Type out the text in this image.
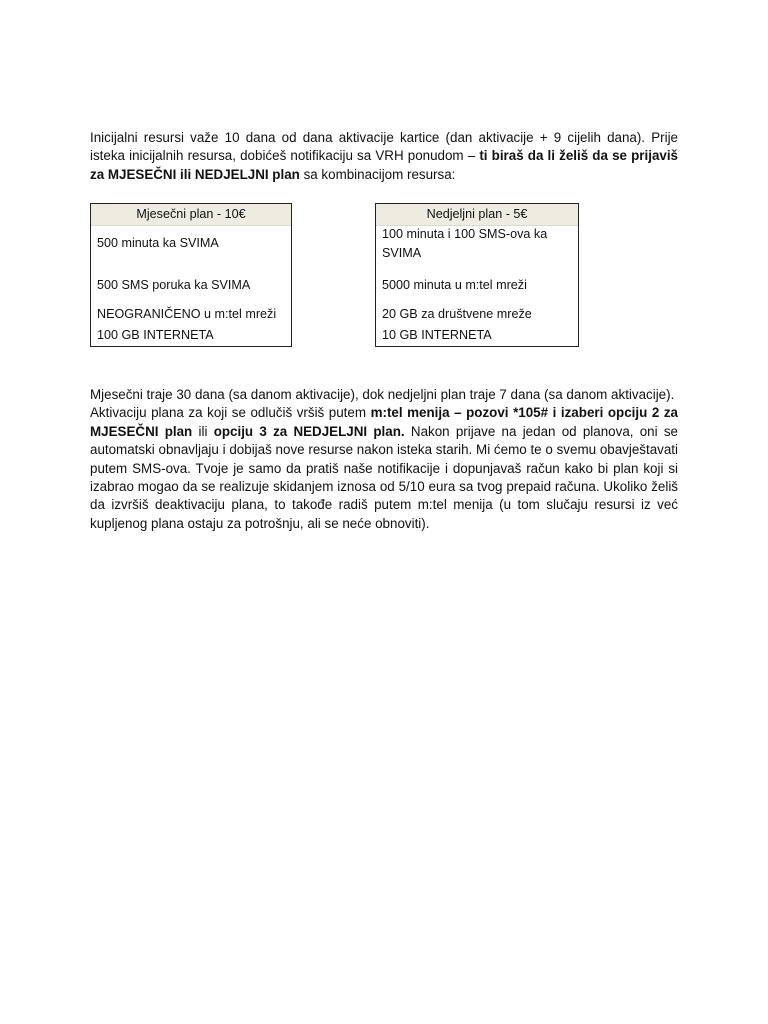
Inicijalni resursi važe 10 dana od dana aktivacije kartice (dan aktivacije + 9 cijelih dana). Prije isteka inicijalnih resursa, dobićeš notifikaciju sa VRH ponudom – ti biraš da li želiš da se prijaviš za MJESEČNI ili NEDJELJNI plan sa kombinacijom resursa:
Mjesečni plan - 10€
500 minuta ka SVIMA
500 SMS poruka ka SVIMA
NEOGRANIČENO u m:tel mreži
100 GB INTERNETA
Nedjeljni plan - 5€
100 minuta i 100 SMS-ova ka SVIMA
5000 minuta u m:tel mreži
20 GB za društvene mreže
10 GB INTERNETA
Mjesečni traje 30 dana (sa danom aktivacije), dok nedjeljni plan traje 7 dana (sa danom aktivacije).
Aktivaciju plana za koji se odlučiš vršiš putem m:tel menija – pozovi *105# i izaberi opciju 2 za MJESEČNI plan ili opciju 3 za NEDJELJNI plan. Nakon prijave na jedan od planova, oni se automatski obnavljaju i dobijaš nove resurse nakon isteka starih. Mi ćemo te o svemu obavještavati putem SMS-ova. Tvoje je samo da pratiš naše notifikacije i dopunjavaš račun kako bi plan koji si izabrao mogao da se realizuje skidanjem iznosa od 5/10 eura sa tvog prepaid računa. Ukoliko želiš da izvršiš deaktivaciju plana, to takođe radiš putem m:tel menija (u tom slučaju resursi iz već kupljenog plana ostaju za potrošnju, ali se neće obnoviti).
